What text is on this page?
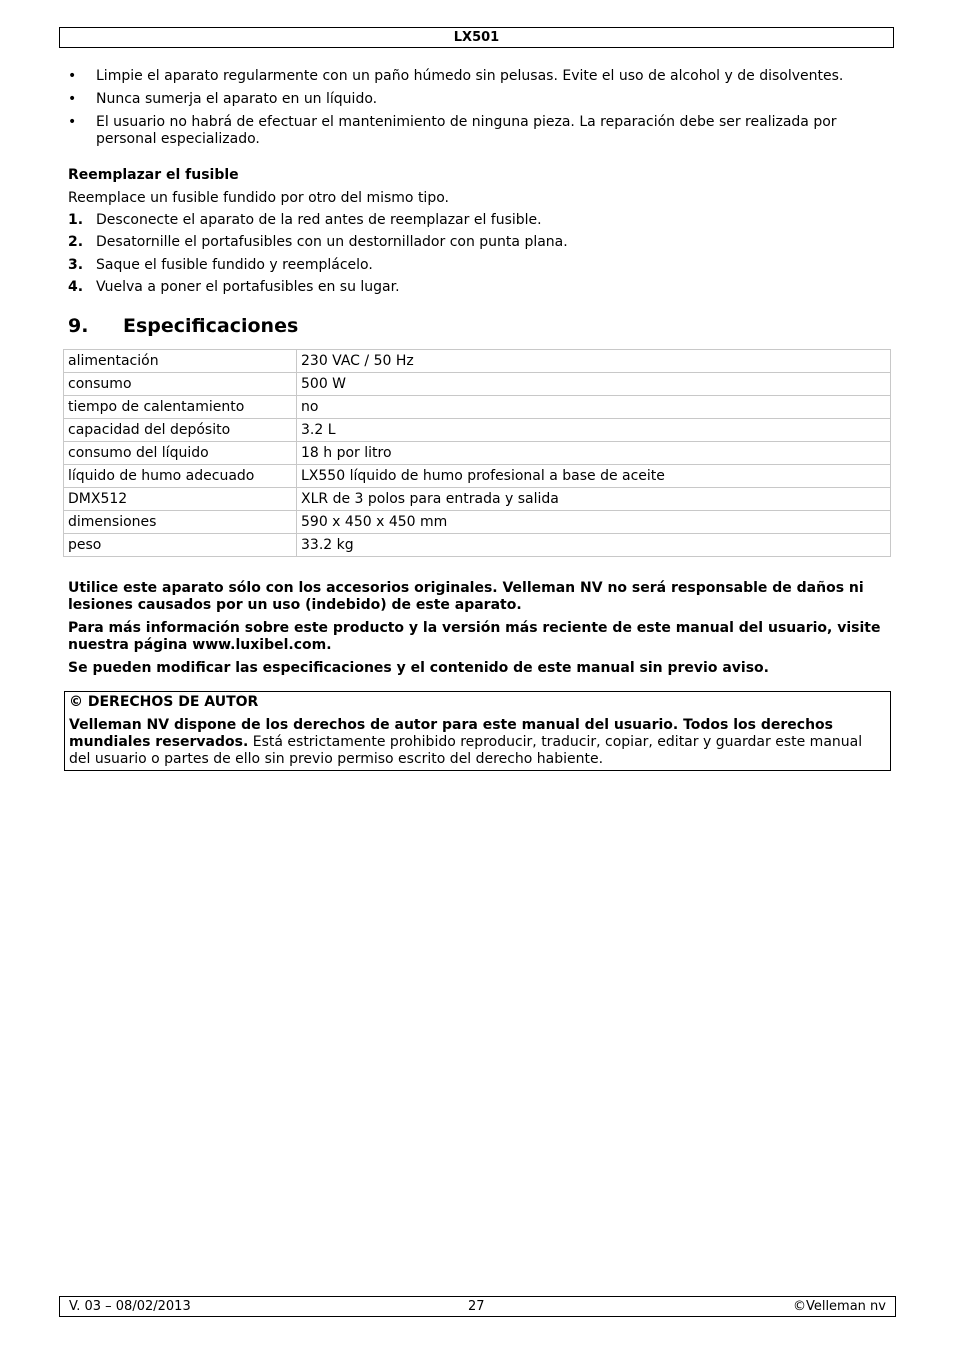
LX501
• Limpie el aparato regularmente con un paño húmedo sin pelusas. Evite el uso de alcohol y de disolventes.
• Nunca sumerja el aparato en un líquido.
• El usuario no habrá de efectuar el mantenimiento de ninguna pieza. La reparación debe ser realizada por personal especializado.
Reemplazar el fusible
Reemplace un fusible fundido por otro del mismo tipo.
1. Desconecte el aparato de la red antes de reemplazar el fusible.
2. Desatornille el portafusibles con un destornillador con punta plana.
3. Saque el fusible fundido y reemplácelo.
4. Vuelva a poner el portafusibles en su lugar.
9. Especificaciones
alimentación	230 VAC / 50 Hz
consumo	500 W
tiempo de calentamiento	no
capacidad del depósito	3.2 L
consumo del líquido	18 h por litro
líquido de humo adecuado	LX550 líquido de humo profesional a base de aceite
DMX512	XLR de 3 polos para entrada y salida
dimensiones	590 x 450 x 450 mm
peso	33.2 kg
Utilice este aparato sólo con los accesorios originales. Velleman NV no será responsable de daños ni lesiones causados por un uso (indebido) de este aparato.
Para más información sobre este producto y la versión más reciente de este manual del usuario, visite nuestra página www.luxibel.com.
Se pueden modificar las especificaciones y el contenido de este manual sin previo aviso.
© DERECHOS DE AUTOR
Velleman NV dispone de los derechos de autor para este manual del usuario. Todos los derechos mundiales reservados. Está estrictamente prohibido reproducir, traducir, copiar, editar y guardar este manual del usuario o partes de ello sin previo permiso escrito del derecho habiente.
V. 03 – 08/02/2013	27	©Velleman nv
